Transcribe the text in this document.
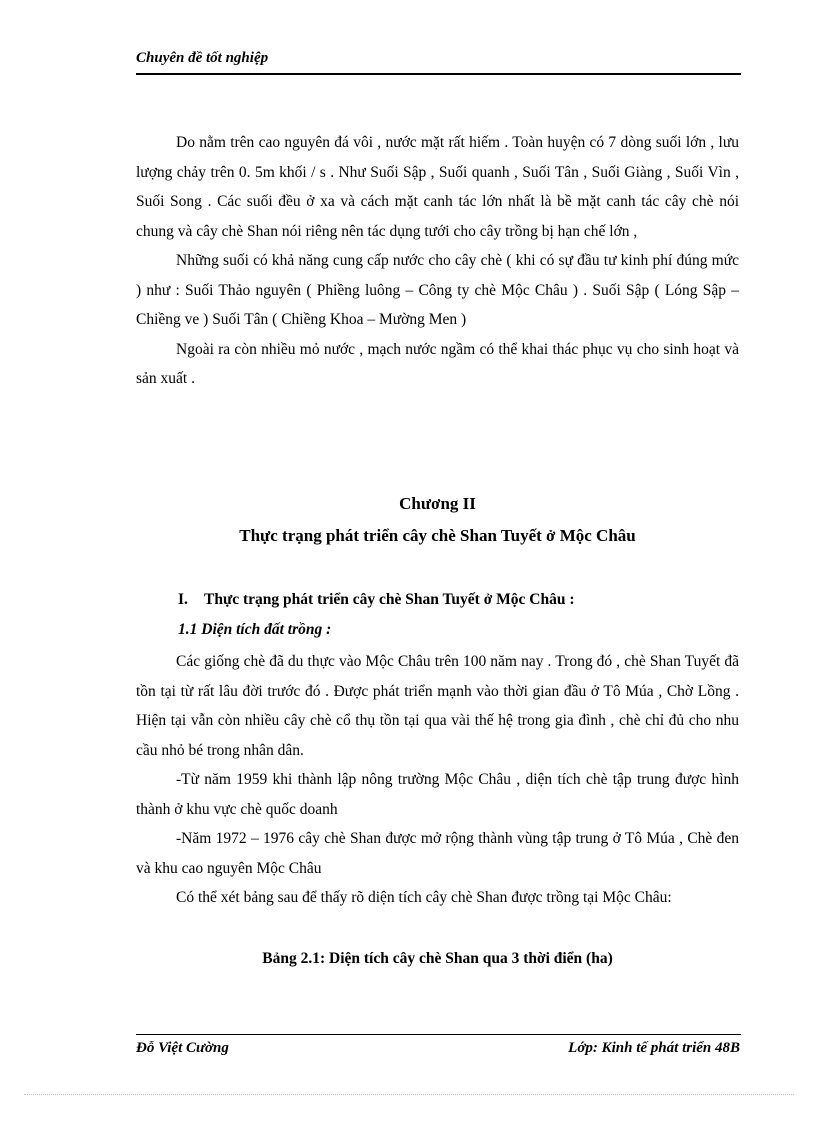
Chuyên đề tốt nghiệp

Do nằm trên cao nguyên đá vôi , nước mặt rất hiếm . Toàn huyện có 7 dòng suối lớn , lưu lượng chảy trên 0. 5m khối / s . Như Suối Sập , Suối quanh , Suối Tân , Suối Giàng , Suối Vìn , Suối Song . Các suối đều ở xa và cách mặt canh tác lớn nhất là bề mặt canh tác cây chè nói chung và cây chè Shan nói riêng nên tác dụng tưới cho cây trồng bị hạn chế lớn ,

Những suối có khả năng cung cấp nước cho cây chè ( khi có sự đầu tư kinh phí đúng mức ) như : Suối Thảo nguyên ( Phiềng luông – Công ty chè Mộc Châu ) . Suối Sập ( Lóng Sập – Chiềng ve ) Suối Tân ( Chiềng Khoa – Mường Men )

Ngoài ra còn nhiều mỏ nước , mạch nước ngầm có thể khai thác phục vụ cho sinh hoạt và sản xuất .

Chương II
Thực trạng phát triển cây chè Shan Tuyết ở Mộc Châu
I. Thực trạng phát triển cây chè Shan Tuyết ở Mộc Châu :
1.1 Diện tích đất trồng :

Các giống chè đã du thực vào Mộc Châu trên 100 năm nay . Trong đó , chè Shan Tuyết đã tồn tại từ rất lâu đời trước đó . Được phát triển mạnh vào thời gian đầu ở Tô Múa , Chờ Lồng . Hiện tại vẫn còn nhiều cây chè cổ thụ tồn tại qua vài thế hệ trong gia đình , chè chỉ đủ cho nhu cầu nhỏ bé trong nhân dân.

-Từ năm 1959 khi thành lập nông trường Mộc Châu , diện tích chè tập trung được hình thành ở khu vực chè quốc doanh

-Năm 1972 – 1976 cây chè Shan được mở rộng thành vùng tập trung ở Tô Múa , Chè đen và khu cao nguyên Mộc Châu

Có thể xét bảng sau để thấy rõ diện tích cây chè Shan được trồng tại Mộc Châu:

Bảng 2.1: Diện tích cây chè Shan qua 3 thời điển (ha)
Đỗ Việt Cường	Lớp: Kinh tế phát triển 48B
